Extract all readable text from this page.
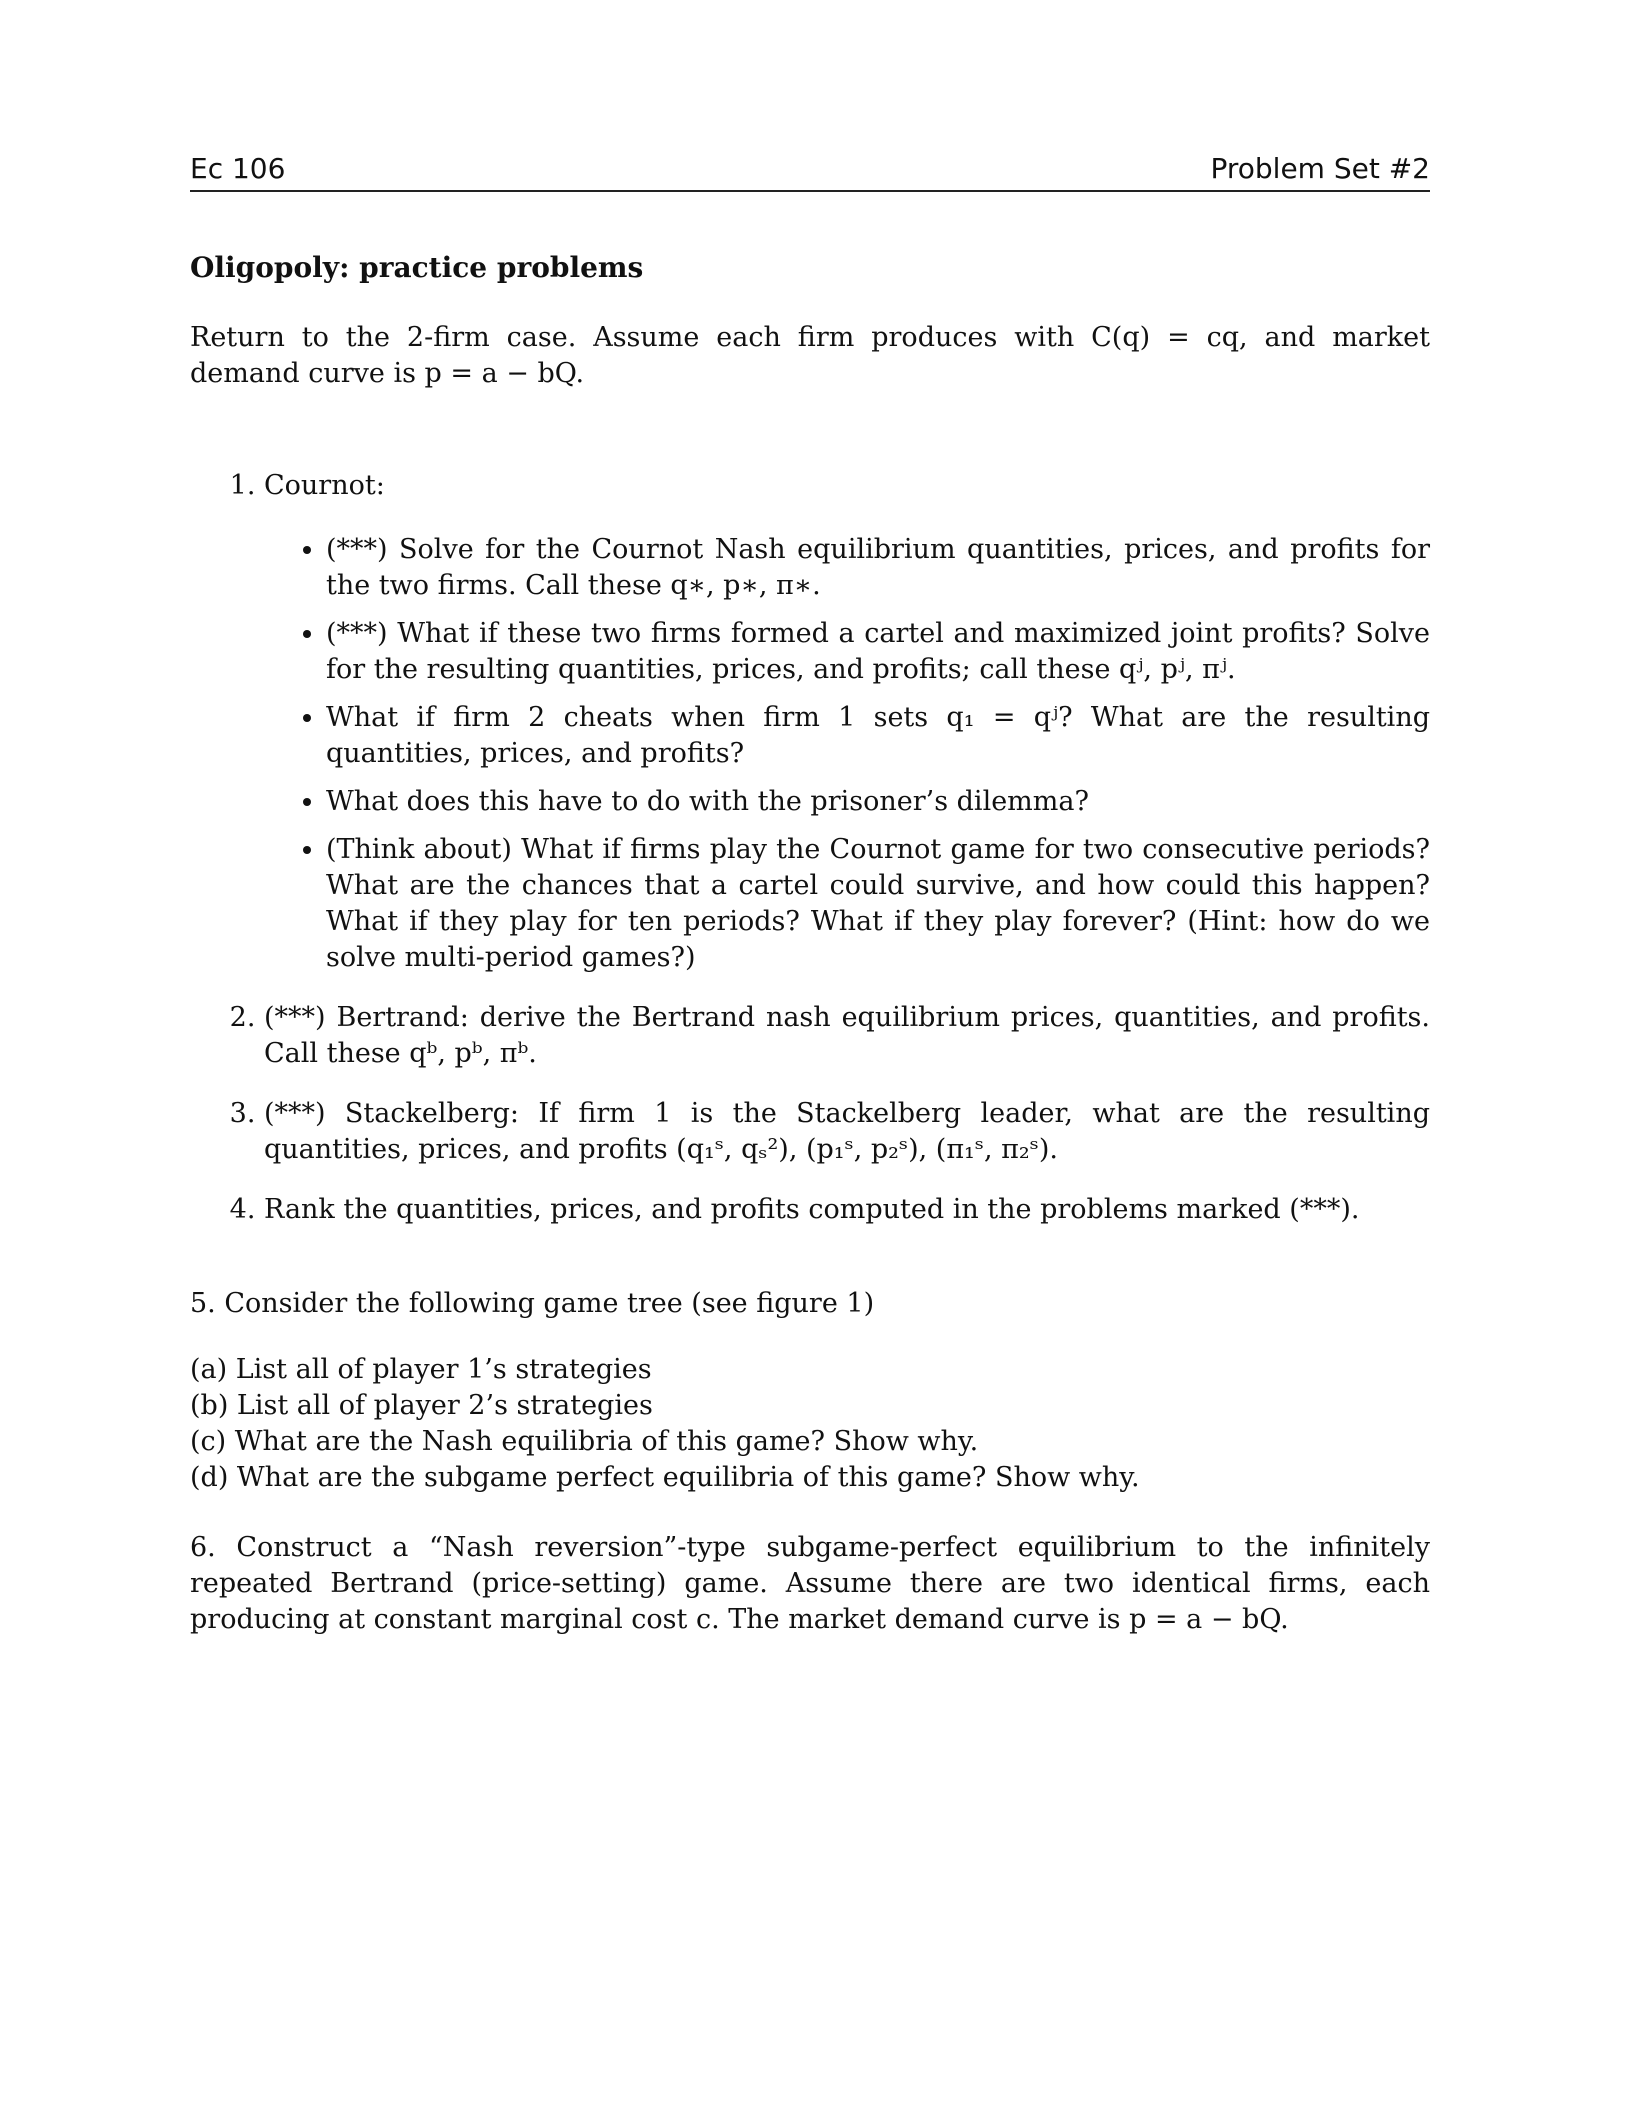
Ec 106	Problem Set #2
Oligopoly: practice problems
Return to the 2-firm case. Assume each firm produces with C(q) = cq, and market demand curve is p = a − bQ.
1. Cournot:
• (***) Solve for the Cournot Nash equilibrium quantities, prices, and profits for the two firms. Call these q∗, p∗, π∗.
• (***) What if these two firms formed a cartel and maximized joint profits? Solve for the resulting quantities, prices, and profits; call these qʲ, pʲ, πʲ.
• What if firm 2 cheats when firm 1 sets q₁ = qʲ? What are the resulting quantities, prices, and profits?
• What does this have to do with the prisoner’s dilemma?
• (Think about) What if firms play the Cournot game for two consecutive periods? What are the chances that a cartel could survive, and how could this happen? What if they play for ten periods? What if they play forever? (Hint: how do we solve multi-period games?)
2. (***) Bertrand: derive the Bertrand nash equilibrium prices, quantities, and profits. Call these qᵇ, pᵇ, πᵇ.
3. (***) Stackelberg: If firm 1 is the Stackelberg leader, what are the resulting quantities, prices, and profits (q₁ˢ, qₛ²), (p₁ˢ, p₂ˢ), (π₁ˢ, π₂ˢ).
4. Rank the quantities, prices, and profits computed in the problems marked (***).
5. Consider the following game tree (see figure 1)
(a) List all of player 1’s strategies
(b) List all of player 2’s strategies
(c) What are the Nash equilibria of this game? Show why.
(d) What are the subgame perfect equilibria of this game? Show why.
6. Construct a “Nash reversion”-type subgame-perfect equilibrium to the infinitely repeated Bertrand (price-setting) game. Assume there are two identical firms, each producing at constant marginal cost c. The market demand curve is p = a − bQ.
